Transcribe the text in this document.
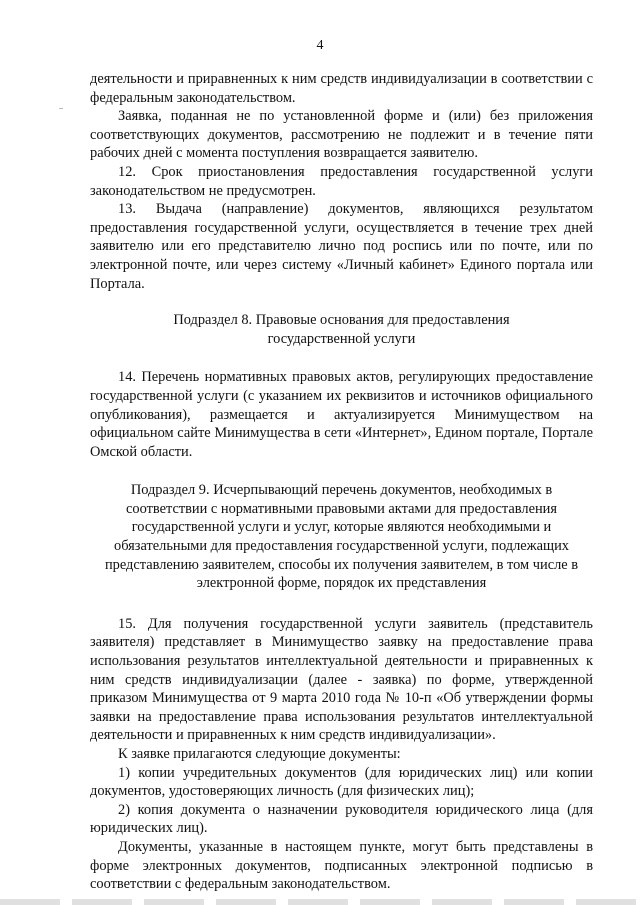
4

деятельности и приравненных к ним средств индивидуализации в соответствии с федеральным законодательством.

Заявка, поданная не по установленной форме и (или) без приложения соответствующих документов, рассмотрению не подлежит и в течение пяти рабочих дней с момента поступления возвращается заявителю.

12. Срок приостановления предоставления государственной услуги законодательством не предусмотрен.

13. Выдача (направление) документов, являющихся результатом предоставления государственной услуги, осуществляется в течение трех дней заявителю или его представителю лично под роспись или по почте, или по электронной почте, или через систему «Личный кабинет» Единого портала или Портала.

Подраздел 8. Правовые основания для предоставления

государственной услуги

14. Перечень нормативных правовых актов, регулирующих предоставление государственной услуги (с указанием их реквизитов и источников официального опубликования), размещается и актуализируется Минимуществом на официальном сайте Минимущества в сети «Интернет», Едином портале, Портале Омской области.

Подраздел 9. Исчерпывающий перечень документов, необходимых в

соответствии с нормативными правовыми актами для предоставления

государственной услуги и услуг, которые являются необходимыми и

обязательными для предоставления государственной услуги, подлежащих

представлению заявителем, способы их получения заявителем, в том числе в

электронной форме, порядок их представления

15. Для получения государственной услуги заявитель (представитель заявителя) представляет в Минимущество заявку на предоставление права использования результатов интеллектуальной деятельности и приравненных к ним средств индивидуализации (далее - заявка) по форме, утвержденной приказом Минимущества от 9 марта 2010 года № 10-п «Об утверждении формы заявки на предоставление права использования результатов интеллектуальной деятельности и приравненных к ним средств индивидуализации».

К заявке прилагаются следующие документы:

1) копии учредительных документов (для юридических лиц) или копии документов, удостоверяющих личность (для физических лиц);

2) копия документа о назначении руководителя юридического лица (для юридических лиц).

Документы, указанные в настоящем пункте, могут быть представлены в форме электронных документов, подписанных электронной подписью в соответствии с федеральным законодательством.
